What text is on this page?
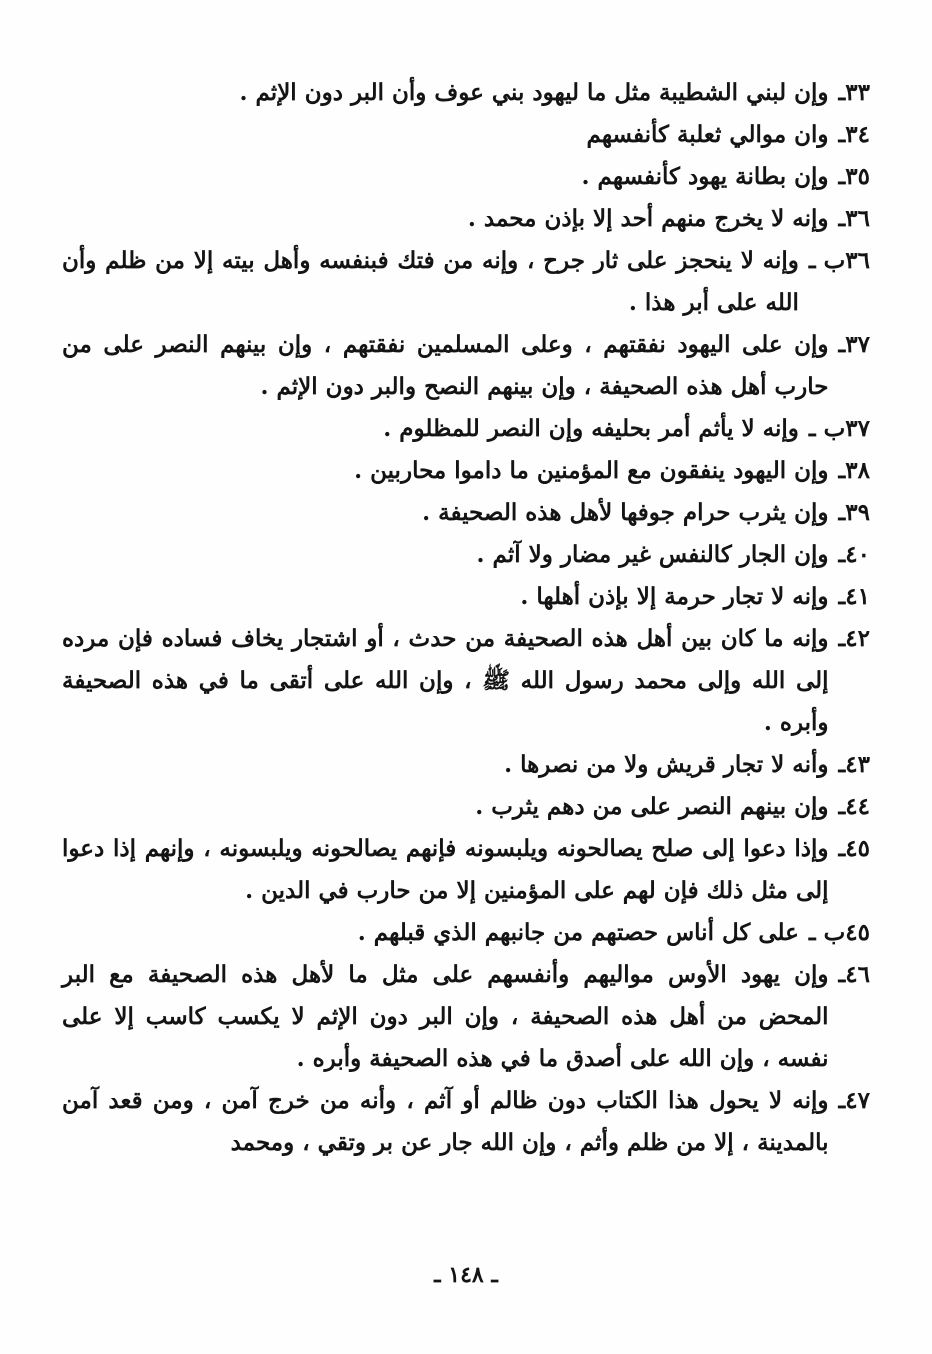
٣٣ـ
وإن لبني الشطيبة مثل ما ليهود بني عوف وأن البر دون الإثم .
٣٤ـ
وان موالي ثعلبة كأنفسهم
٣٥ـ
وإن بطانة يهود كأنفسهم .
٣٦ـ
وإنه لا يخرج منهم أحد إلا بإذن محمد .
٣٦ب ـ
وإنه لا ينحجز على ثار جرح ، وإنه من فتك فبنفسه وأهل بيته إلا من ظلم وأن الله على أبر هذا .
٣٧ـ
وإن على اليهود نفقتهم ، وعلى المسلمين نفقتهم ، وإن بينهم النصر على من حارب أهل هذه الصحيفة ، وإن بينهم النصح والبر دون الإثم .
٣٧ب ـ
وإنه لا يأثم أمر بحليفه وإن النصر للمظلوم .
٣٨ـ
وإن اليهود ينفقون مع المؤمنين ما داموا محاربين .
٣٩ـ
وإن يثرب حرام جوفها لأهل هذه الصحيفة .
٤٠ـ
وإن الجار كالنفس غير مضار ولا آثم .
٤١ـ
وإنه لا تجار حرمة إلا بإذن أهلها .
٤٢ـ
وإنه ما كان بين أهل هذه الصحيفة من حدث ، أو اشتجار يخاف فساده فإن مرده إلى الله وإلى محمد رسول الله ﷺ ، وإن الله على أتقى ما في هذه الصحيفة وأبره .
٤٣ـ
وأنه لا تجار قريش ولا من نصرها .
٤٤ـ
وإن بينهم النصر على من دهم يثرب .
٤٥ـ
وإذا دعوا إلى صلح يصالحونه ويلبسونه فإنهم يصالحونه ويلبسونه ، وإنهم إذا دعوا إلى مثل ذلك فإن لهم على المؤمنين إلا من حارب في الدين .
٤٥ب ـ
على كل أناس حصتهم من جانبهم الذي قبلهم .
٤٦ـ
وإن يهود الأوس مواليهم وأنفسهم على مثل ما لأهل هذه الصحيفة مع البر المحض من أهل هذه الصحيفة ، وإن البر دون الإثم لا يكسب كاسب إلا على نفسه ، وإن الله على أصدق ما في هذه الصحيفة وأبره .
٤٧ـ
وإنه لا يحول هذا الكتاب دون ظالم أو آثم ، وأنه من خرج آمن ، ومن قعد آمن بالمدينة ، إلا من ظلم وأثم ، وإن الله جار عن بر وتقي ، ومحمد
ـ ١٤٨ ـ
